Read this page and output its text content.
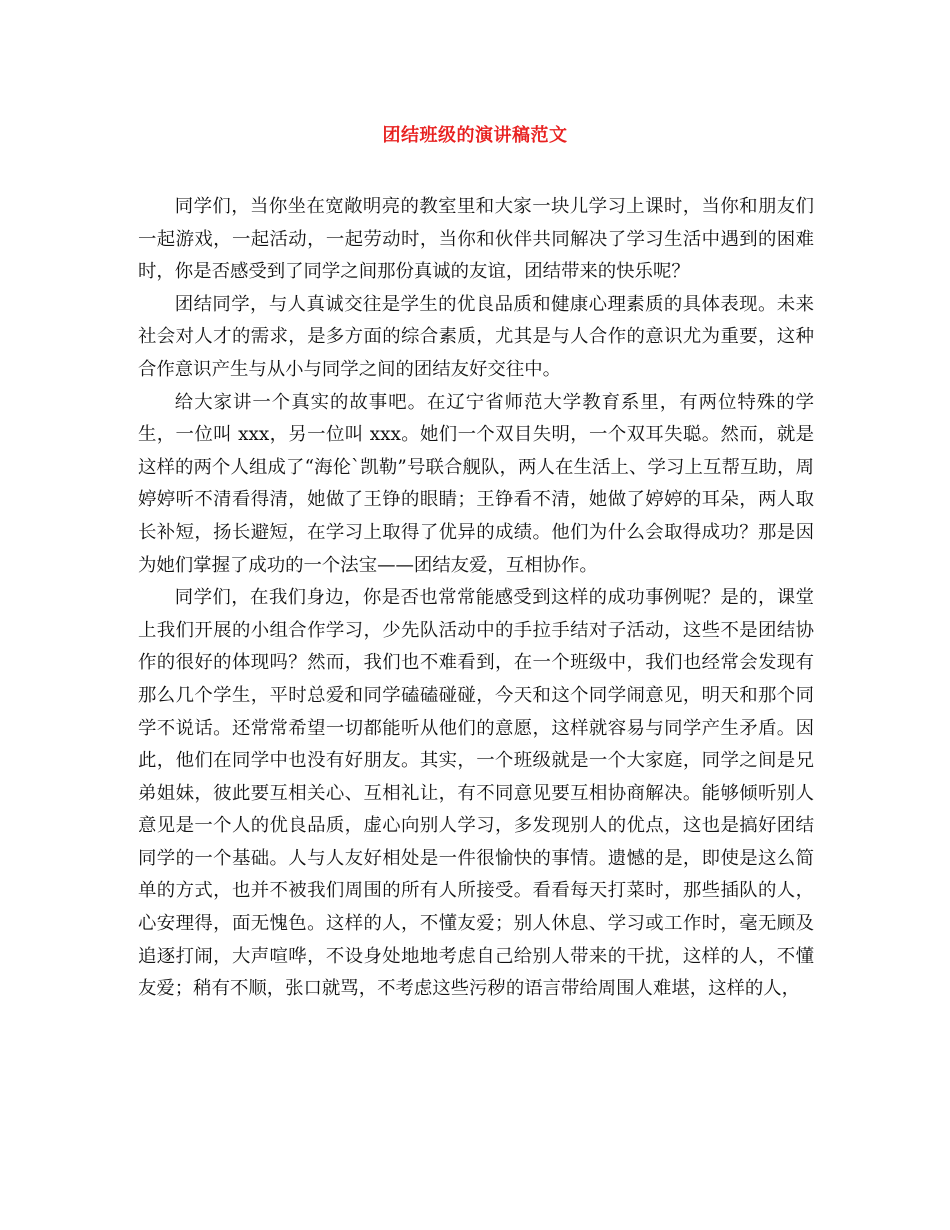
团结班级的演讲稿范文

同学们，当你坐在宽敞明亮的教室里和大家一块儿学习上课时，当你和朋友们一起游戏，一起活动，一起劳动时，当你和伙伴共同解决了学习生活中遇到的困难时，你是否感受到了同学之间那份真诚的友谊，团结带来的快乐呢？

团结同学，与人真诚交往是学生的优良品质和健康心理素质的具体表现。未来社会对人才的需求，是多方面的综合素质，尤其是与人合作的意识尤为重要，这种合作意识产生与从小与同学之间的团结友好交往中。

给大家讲一个真实的故事吧。在辽宁省师范大学教育系里，有两位特殊的学生，一位叫 xxx，另一位叫 xxx。她们一个双目失明，一个双耳失聪。然而，就是这样的两个人组成了“海伦`凯勒”号联合舰队，两人在生活上、学习上互帮互助，周婷婷听不清看得清，她做了王铮的眼睛；王铮看不清，她做了婷婷的耳朵，两人取长补短，扬长避短，在学习上取得了优异的成绩。他们为什么会取得成功？那是因为她们掌握了成功的一个法宝——团结友爱，互相协作。

同学们，在我们身边，你是否也常常能感受到这样的成功事例呢？是的，课堂上我们开展的小组合作学习，少先队活动中的手拉手结对子活动，这些不是团结协作的很好的体现吗？然而，我们也不难看到，在一个班级中，我们也经常会发现有那么几个学生，平时总爱和同学磕磕碰碰，今天和这个同学闹意见，明天和那个同学不说话。还常常希望一切都能听从他们的意愿，这样就容易与同学产生矛盾。因此，他们在同学中也没有好朋友。其实，一个班级就是一个大家庭，同学之间是兄弟姐妹，彼此要互相关心、互相礼让，有不同意见要互相协商解决。能够倾听别人意见是一个人的优良品质，虚心向别人学习，多发现别人的优点，这也是搞好团结同学的一个基础。人与人友好相处是一件很愉快的事情。遗憾的是，即使是这么简单的方式，也并不被我们周围的所有人所接受。看看每天打菜时，那些插队的人，心安理得，面无愧色。这样的人，不懂友爱；别人休息、学习或工作时，毫无顾及追逐打闹，大声喧哗，不设身处地地考虑自己给别人带来的干扰，这样的人，不懂友爱；稍有不顺，张口就骂，不考虑这些污秽的语言带给周围人难堪，这样的人，
